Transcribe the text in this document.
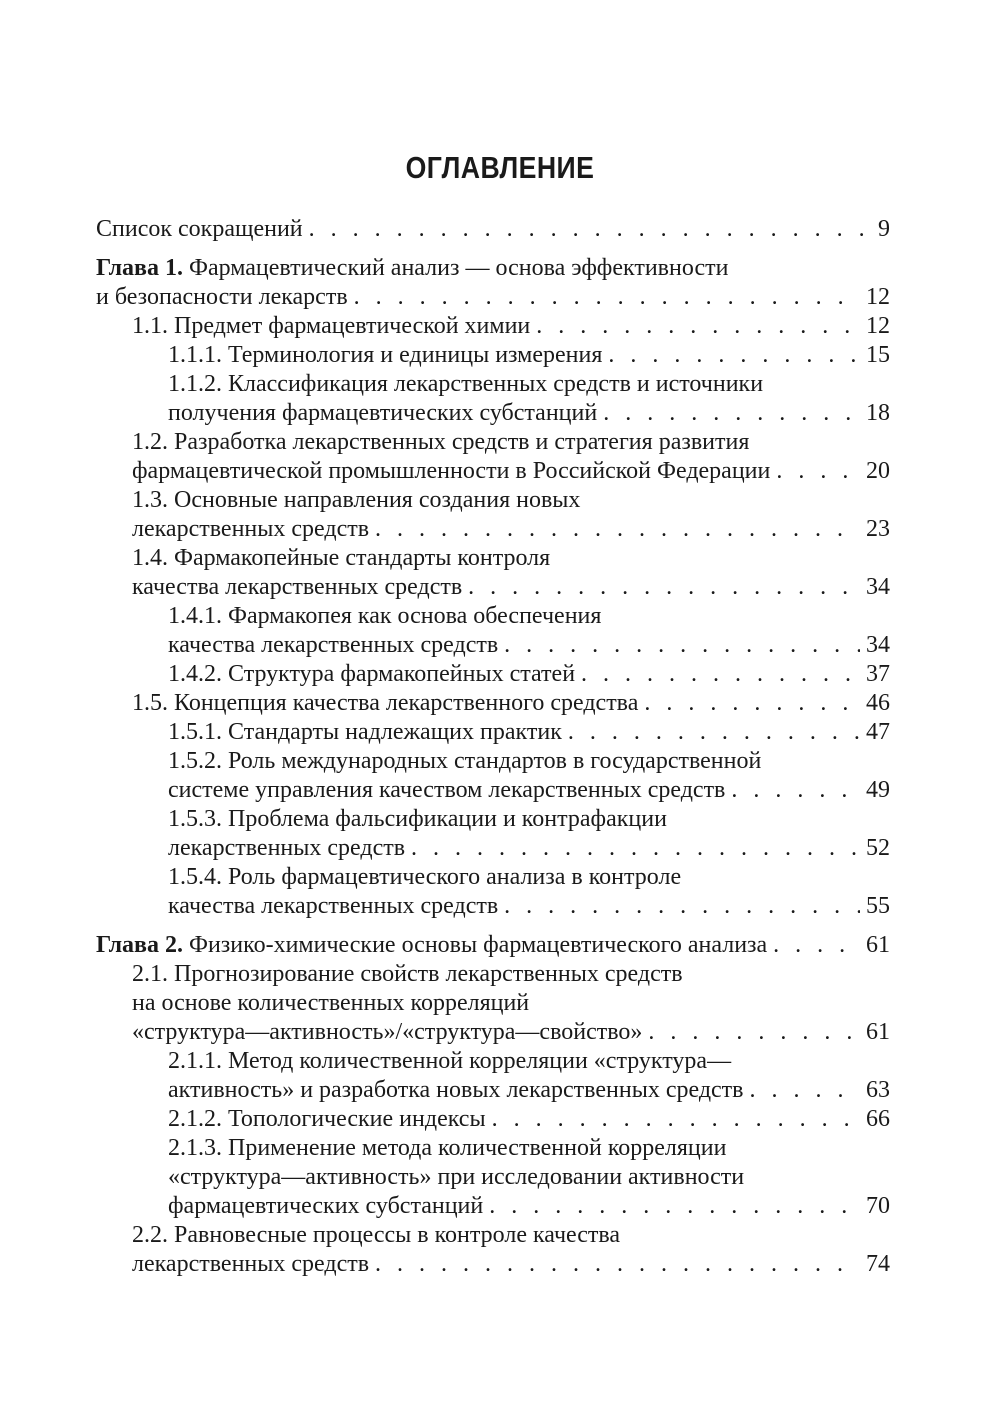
ОГЛАВЛЕНИЕ
Список сокращений . . .	9
Глава 1. Фармацевтический анализ — основа эффективности
и безопасности лекарств . . .	12
1.1. Предмет фармацевтической химии . . .	12
1.1.1. Терминология и единицы измерения . . .	15
1.1.2. Классификация лекарственных средств и источники
получения фармацевтических субстанций . . .	18
1.2. Разработка лекарственных средств и стратегия развития
фармацевтической промышленности в Российской Федерации . . .	20
1.3. Основные направления создания новых
лекарственных средств . . .	23
1.4. Фармакопейные стандарты контроля
качества лекарственных средств . . .	34
1.4.1. Фармакопея как основа обеспечения
качества лекарственных средств . . .	34
1.4.2. Структура фармакопейных статей . . .	37
1.5. Концепция качества лекарственного средства . . .	46
1.5.1. Стандарты надлежащих практик . . .	47
1.5.2. Роль международных стандартов в государственной
системе управления качеством лекарственных средств . . .	49
1.5.3. Проблема фальсификации и контрафакции
лекарственных средств . . .	52
1.5.4. Роль фармацевтического анализа в контроле
качества лекарственных средств . . .	55
Глава 2. Физико-химические основы фармацевтического анализа . . .	61
2.1. Прогнозирование свойств лекарственных средств
на основе количественных корреляций
«структура—активность»/«структура—свойство» . . .	61
2.1.1. Метод количественной корреляции «структура—
активность» и разработка новых лекарственных средств . . .	63
2.1.2. Топологические индексы . . .	66
2.1.3. Применение метода количественной корреляции
«структура—активность» при исследовании активности
фармацевтических субстанций . . .	70
2.2. Равновесные процессы в контроле качества
лекарственных средств . . .	74
